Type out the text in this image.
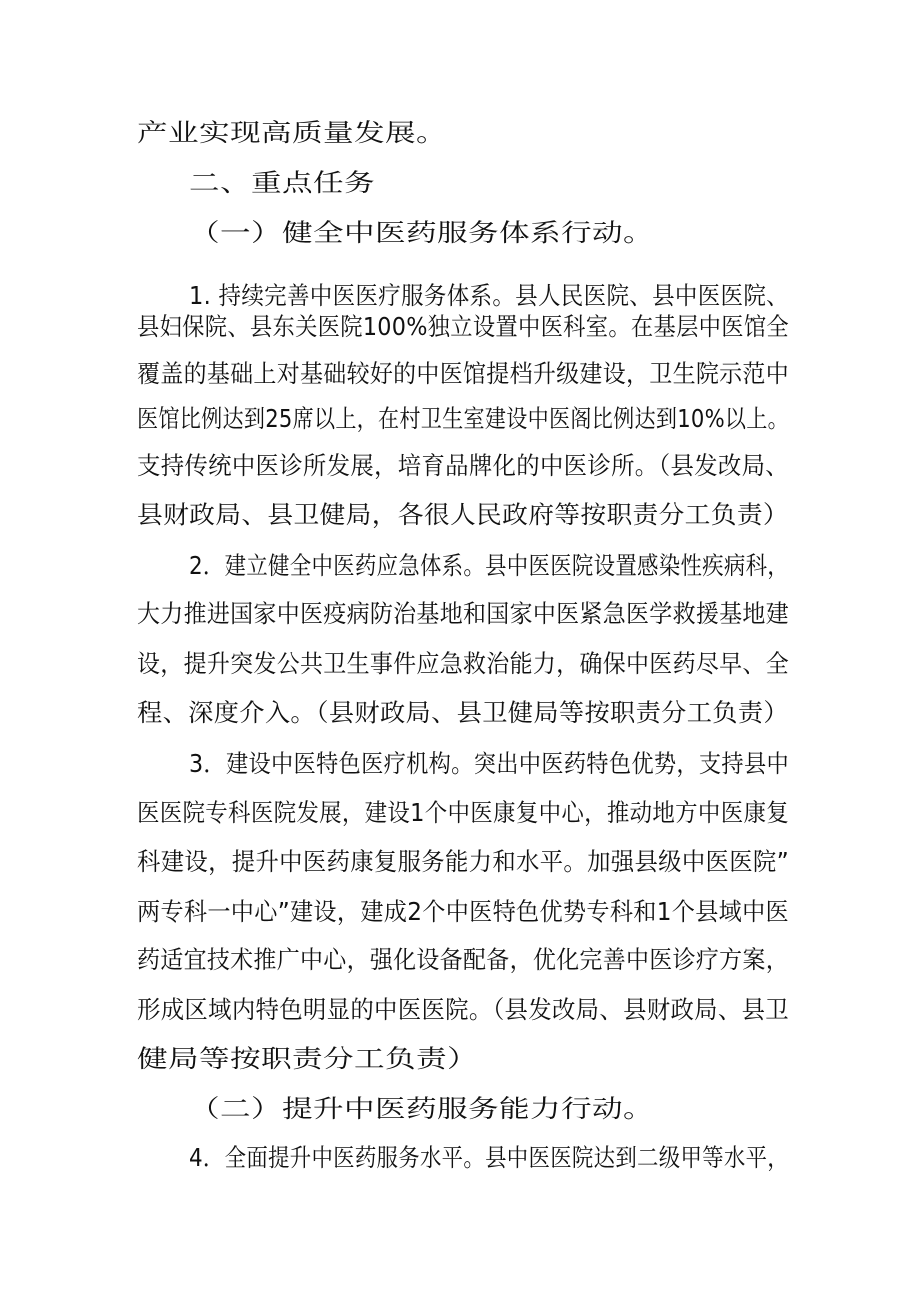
产业实现高质量发展。
二、重点任务
（一）健全中医药服务体系行动。
1. 持续完善中医医疗服务体系。县人民医院、县中医医院、
县妇保院、县东关医院100%独立设置中医科室。在基层中医馆全
覆盖的基础上对基础较好的中医馆提档升级建设，卫生院示范中
医馆比例达到25席以上，在村卫生室建设中医阁比例达到10%以上。
支持传统中医诊所发展，培育品牌化的中医诊所。（县发改局、
县财政局、县卫健局，各很人民政府等按职责分工负责）
2．建立健全中医药应急体系。县中医医院设置感染性疾病科，
大力推进国家中医疫病防治基地和国家中医紧急医学救援基地建
设，提升突发公共卫生事件应急救治能力，确保中医药尽早、全
程、深度介入。（县财政局、县卫健局等按职责分工负责）
3．建设中医特色医疗机构。突出中医药特色优势，支持县中
医医院专科医院发展，建设1个中医康复中心，推动地方中医康复
科建设，提升中医药康复服务能力和水平。加强县级中医医院”
两专科一中心”建设，建成2个中医特色优势专科和1个县域中医
药适宜技术推广中心，强化设备配备，优化完善中医诊疗方案，
形成区域内特色明显的中医医院。（县发改局、县财政局、县卫
健局等按职责分工负责）
（二）提升中医药服务能力行动。
4．全面提升中医药服务水平。县中医医院达到二级甲等水平，
